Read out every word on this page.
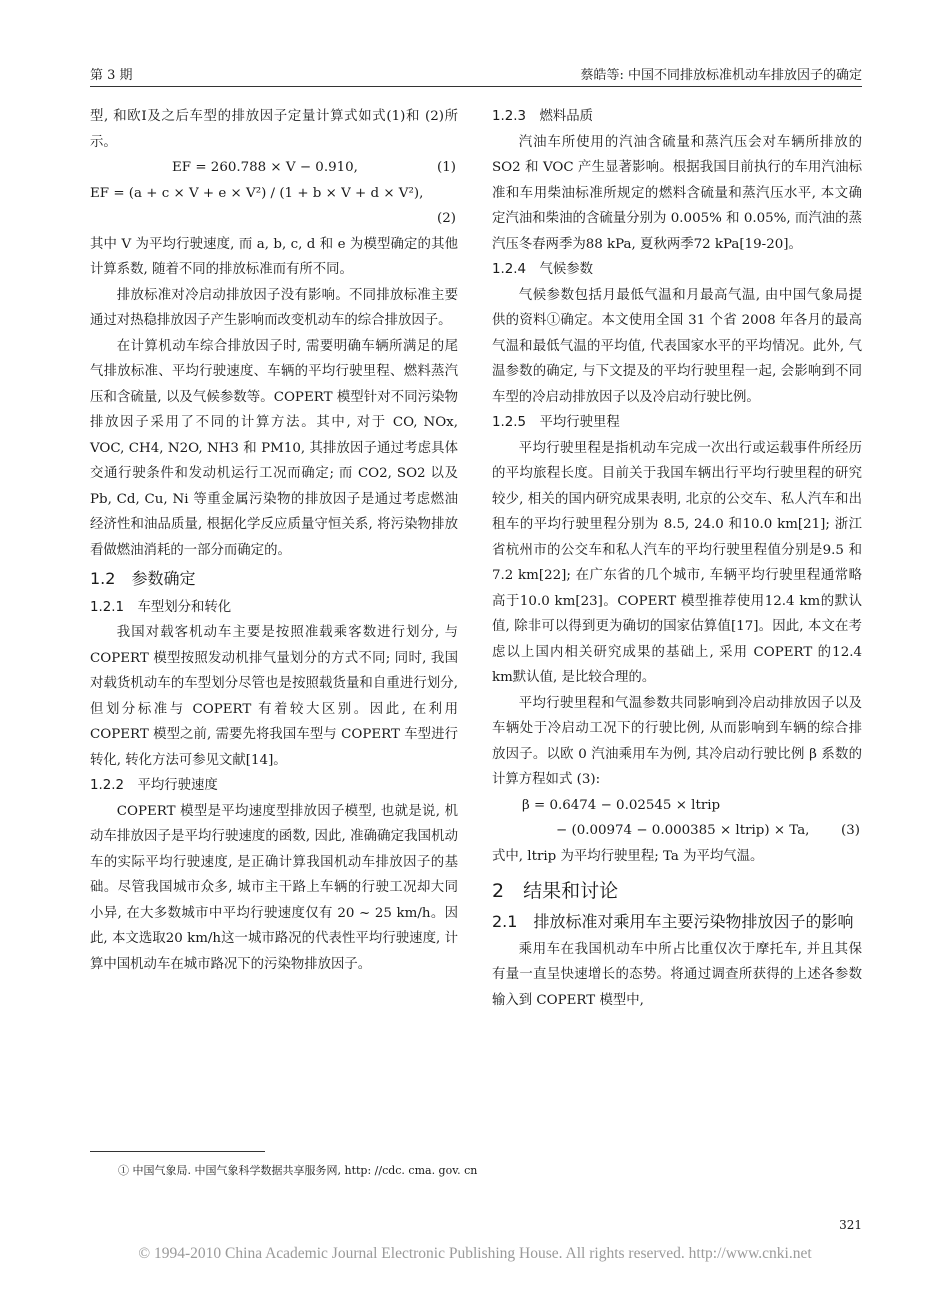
第 3 期	蔡皓等: 中国不同排放标准机动车排放因子的确定

型, 和欧Ⅰ及之后车型的排放因子定量计算式如式(1)和 (2)所示。

EF = 260.788 × V − 0.910,	(1)
EF = (a + c × V + e × V²) / (1 + b × V + d × V²),
(2)

其中 V 为平均行驶速度, 而 a, b, c, d 和 e 为模型确定的其他计算系数, 随着不同的排放标准而有所不同。

排放标准对冷启动排放因子没有影响。不同排放标准主要通过对热稳排放因子产生影响而改变机动车的综合排放因子。

在计算机动车综合排放因子时, 需要明确车辆所满足的尾气排放标准、平均行驶速度、车辆的平均行驶里程、燃料蒸汽压和含硫量, 以及气候参数等。COPERT 模型针对不同污染物排放因子采用了不同的计算方法。其中, 对于 CO, NOx, VOC, CH4, N2O, NH3 和 PM10, 其排放因子通过考虑具体交通行驶条件和发动机运行工况而确定; 而 CO2, SO2 以及 Pb, Cd, Cu, Ni 等重金属污染物的排放因子是通过考虑燃油经济性和油品质量, 根据化学反应质量守恒关系, 将污染物排放看做燃油消耗的一部分而确定的。

1.2　参数确定
1.2.1　车型划分和转化

我国对载客机动车主要是按照准载乘客数进行划分, 与 COPERT 模型按照发动机排气量划分的方式不同; 同时, 我国对载货机动车的车型划分尽管也是按照载货量和自重进行划分, 但划分标准与 COPERT 有着较大区别。因此, 在利用 COPERT 模型之前, 需要先将我国车型与 COPERT 车型进行转化, 转化方法可参见文献[14]。

1.2.2　平均行驶速度

COPERT 模型是平均速度型排放因子模型, 也就是说, 机动车排放因子是平均行驶速度的函数, 因此, 准确确定我国机动车的实际平均行驶速度, 是正确计算我国机动车排放因子的基础。尽管我国城市众多, 城市主干路上车辆的行驶工况却大同小异, 在大多数城市中平均行驶速度仅有 20 ~ 25 km/h。因此, 本文选取20 km/h这一城市路况的代表性平均行驶速度, 计算中国机动车在城市路况下的污染物排放因子。

1.2.3　燃料品质

汽油车所使用的汽油含硫量和蒸汽压会对车辆所排放的 SO2 和 VOC 产生显著影响。根据我国目前执行的车用汽油标准和车用柴油标准所规定的燃料含硫量和蒸汽压水平, 本文确定汽油和柴油的含硫量分别为 0.005% 和 0.05%, 而汽油的蒸汽压冬春两季为88 kPa, 夏秋两季72 kPa[19-20]。

1.2.4　气候参数

气候参数包括月最低气温和月最高气温, 由中国气象局提供的资料①确定。本文使用全国 31 个省 2008 年各月的最高气温和最低气温的平均值, 代表国家水平的平均情况。此外, 气温参数的确定, 与下文提及的平均行驶里程一起, 会影响到不同车型的冷启动排放因子以及冷启动行驶比例。

1.2.5　平均行驶里程

平均行驶里程是指机动车完成一次出行或运载事件所经历的平均旅程长度。目前关于我国车辆出行平均行驶里程的研究较少, 相关的国内研究成果表明, 北京的公交车、私人汽车和出租车的平均行驶里程分别为 8.5, 24.0 和10.0 km[21]; 浙江省杭州市的公交车和私人汽车的平均行驶里程值分别是9.5 和7.2 km[22]; 在广东省的几个城市, 车辆平均行驶里程通常略高于10.0 km[23]。COPERT 模型推荐使用12.4 km的默认值, 除非可以得到更为确切的国家估算值[17]。因此, 本文在考虑以上国内相关研究成果的基础上, 采用 COPERT 的12.4 km默认值, 是比较合理的。

平均行驶里程和气温参数共同影响到冷启动排放因子以及车辆处于冷启动工况下的行驶比例, 从而影响到车辆的综合排放因子。以欧 0 汽油乘用车为例, 其冷启动行驶比例 β 系数的计算方程如式 (3):

β = 0.6474 − 0.02545 × ltrip
− (0.00974 − 0.000385 × ltrip) × Ta, (3)

式中, ltrip 为平均行驶里程; Ta 为平均气温。

2　结果和讨论
2.1　排放标准对乘用车主要污染物排放因子的影响

乘用车在我国机动车中所占比重仅次于摩托车, 并且其保有量一直呈快速增长的态势。将通过调查所获得的上述各参数输入到 COPERT 模型中,

① 中国气象局. 中国气象科学数据共享服务网, http: //cdc. cma. gov. cn
321
© 1994-2010 China Academic Journal Electronic Publishing House. All rights reserved. http://www.cnki.net
